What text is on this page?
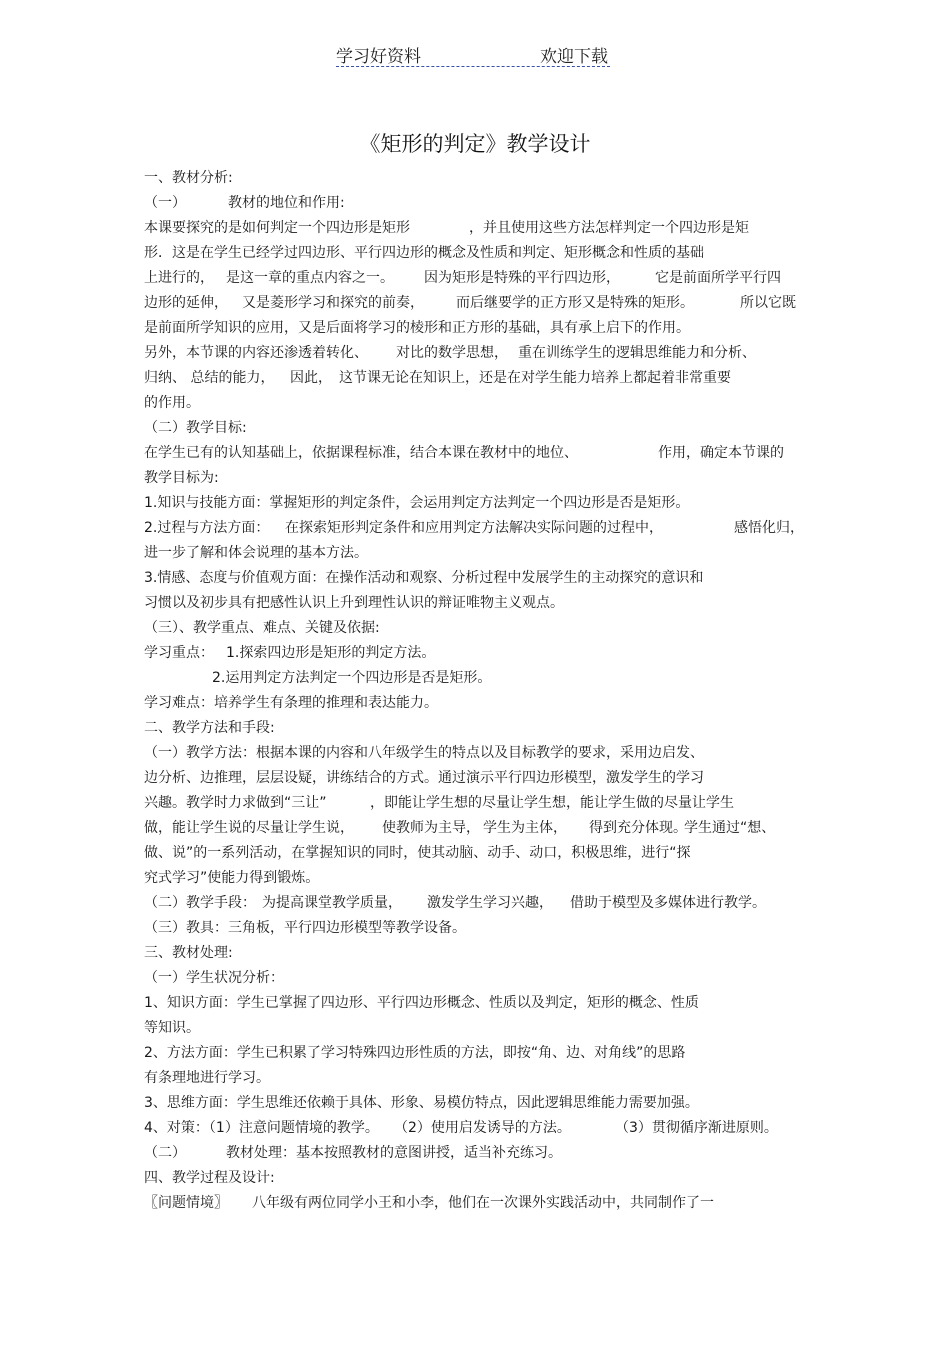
学习好资料	欢迎下载
《矩形的判定》教学设计
一、教材分析:
（一）	教材的地位和作用:
本课要探究的是如何判定一个四边形是矩形	，并且使用这些方法怎样判定一个四边形是矩
形．这是在学生已经学过四边形、平行四边形的概念及性质和判定、矩形概念和性质的基础
上进行的， 是这一章的重点内容之一。 因为矩形是特殊的平行四边形，	它是前面所学平行四
边形的延伸， 又是菱形学习和探究的前奏， 而后继要学的正方形又是特殊的矩形。	所以它既
是前面所学知识的应用，又是后面将学习的棱形和正方形的基础，具有承上启下的作用。
另外，本节课的内容还渗透着转化、 对比的数学思想， 重在训练学生的逻辑思维能力和分析、
归纳、 总结的能力， 因此， 这节课无论在知识上，还是在对学生能力培养上都起着非常重要
的作用。
（二）教学目标:
在学生已有的认知基础上，依据课程标准，结合本课在教材中的地位、	作用，确定本节课的
教学目标为:
1.知识与技能方面：掌握矩形的判定条件，会运用判定方法判定一个四边形是否是矩形。
2.过程与方法方面： 在探索矩形判定条件和应用判定方法解决实际问题的过程中，	感悟化归，
进一步了解和体会说理的基本方法。
3.情感、态度与价值观方面：在操作活动和观察、分析过程中发展学生的主动探究的意识和
习惯以及初步具有把感性认识上升到理性认识的辩证唯物主义观点。
（三）、教学重点、难点、关键及依据:
学习重点： 1.探索四边形是矩形的判定方法。
2.运用判定方法判定一个四边形是否是矩形。
学习难点：培养学生有条理的推理和表达能力。
二、教学方法和手段:
（一）教学方法：根据本课的内容和八年级学生的特点以及目标教学的要求，采用边启发、
边分析、边推理，层层设疑，讲练结合的方式。通过演示平行四边形模型，激发学生的学习
兴趣。教学时力求做到“三让”	，即能让学生想的尽量让学生想，能让学生做的尽量让学生
做，能让学生说的尽量让学生说， 使教师为主导， 学生为主体， 得到充分体现。
学生通过“想、
做、说”的一系列活动，在掌握知识的同时，使其动脑、动手、动口，积极思维，进行“探
究式学习”使能力得到锻炼。
（二）教学手段： 为提高课堂教学质量， 激发学生学习兴趣， 借助于模型及多媒体进行教学。
（三）教具：三角板，平行四边形模型等教学设备。
三、教材处理:
（一）学生状况分析：
1、知识方面：学生已掌握了四边形、平行四边形概念、性质以及判定，矩形的概念、性质
等知识。
2、方法方面：学生已积累了学习特殊四边形性质的方法，即按“角、边、对角线”的思路
有条理地进行学习。
3、思维方面：学生思维还依赖于具体、形象、易模仿特点，因此逻辑思维能力需要加强。
4、对策：（1）注意问题情境的教学。 （2）使用启发诱导的方法。	（3）贯彻循序渐进原则。
（二）	教材处理：基本按照教材的意图讲授，适当补充练习。
四、教学过程及设计:
〖问题情境〗 八年级有两位同学小王和小李，他们在一次课外实践活动中，共同制作了一
